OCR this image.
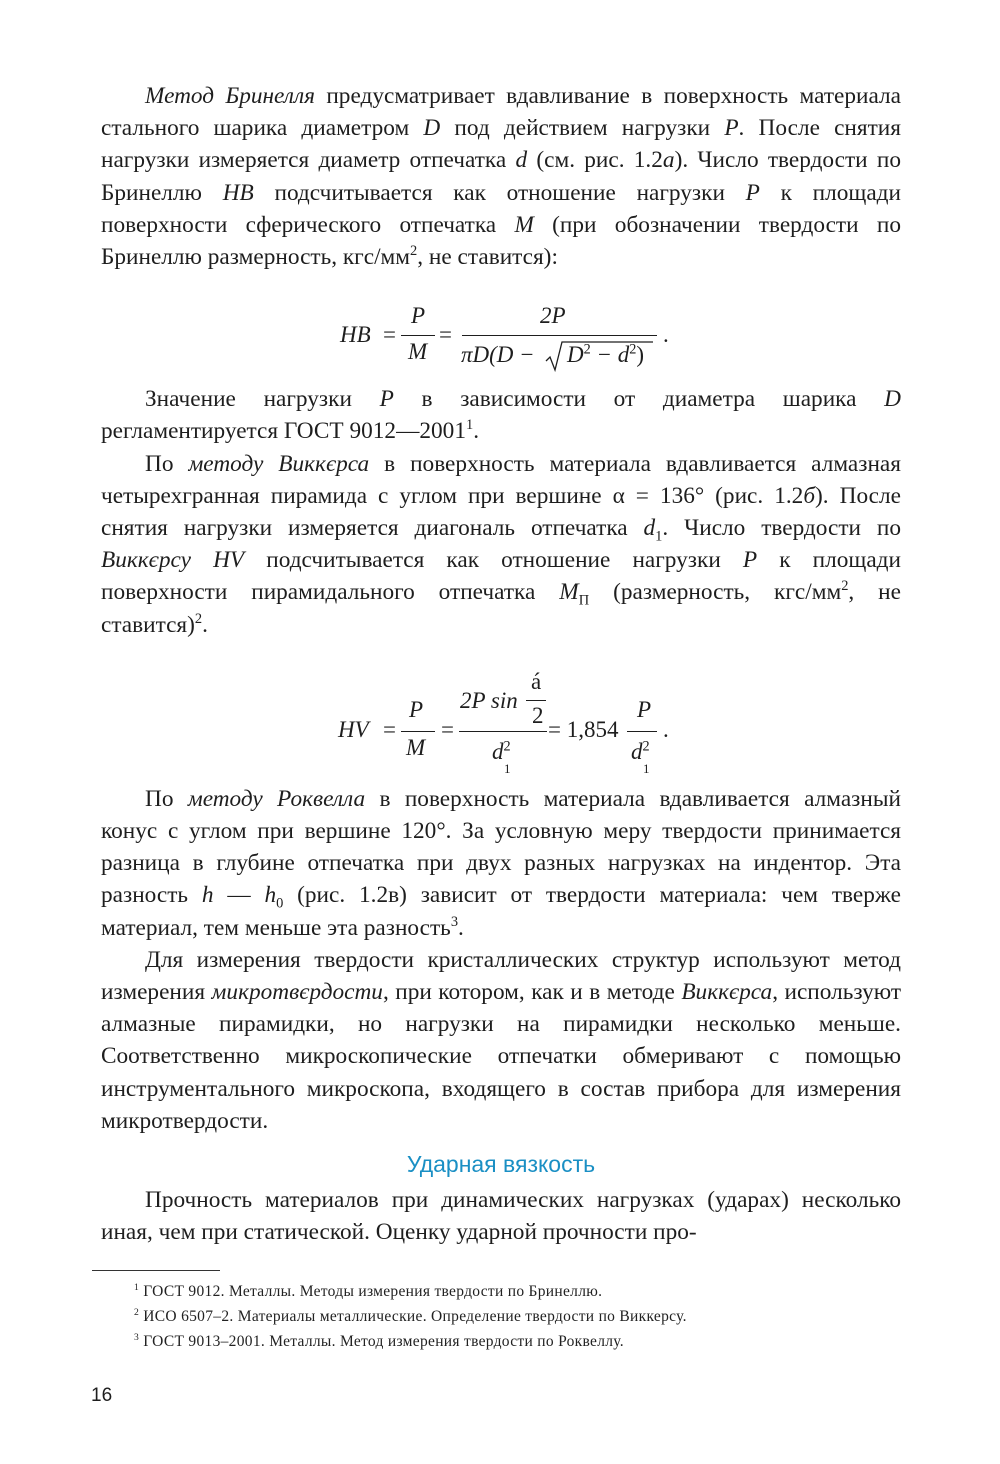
Метод Бринелля предусматривает вдавливание в поверхность материала стального шарика диаметром D под действием нагрузки P. После снятия нагрузки измеряется диаметр отпечатка d (см. рис. 1.2а). Число твердости по Бринеллю HB подсчитывается как отношение нагрузки P к площади поверхности сферического отпечатка M (при обозначении твердости по Бринеллю размерность, кгс/$мм^2$, не ставится):

HB =
P
M
=
2P
$\pi D(D - D^2 - d^2)$
.

Значение нагрузки P в зависимости от диаметра шарика D регламентируется ГОСТ 9012—2001$^1$.

По методу Виккєрса в поверхность материала вдавливается алмазная четырехгранная пирамида с углом при вершине α = 136° (рис. 1.2б). После снятия нагрузки измеряется диагональ отпечатка $d_1$. Число твердости по Виккєрсу HV подсчитывается как отношение нагрузки P к площади поверхности пирамидального отпечатка $M_П$ (размерность, кгс/$мм^2$, не ставится)$^2$.

HV =
P
M
=
2P sin
á
2
$d^2$
1
= 1,854
P
$d^2$
1
.

По методу Роквелла в поверхность материала вдавливается алмазный конус с углом при вершине 120°. За условную меру твердости принимается разница в глубине отпечатка при двух разных нагрузках на индентор. Эта разность h — $h_0$ (рис. 1.2в) зависит от твердости материала: чем тверже материал, тем меньше эта разность$^3$.

Для измерения твердости кристаллических структур используют метод измерения микротвєрдости, при котором, как и в методе Виккєрса, используют алмазные пирамидки, но нагрузки на пирамидки несколько меньше. Соответственно микроскопические отпечатки обмеривают с помощью инструментального микроскопа, входящего в состав прибора для измерения микротвердости.

Ударная вязкость

Прочность материалов при динамических нагрузках (ударах) несколько иная, чем при статической. Оценку ударной прочности про-

$^1$ ГОСТ 9012. Металлы. Методы измерения твердости по Бринеллю.
$^2$ ИСО 6507–2. Материалы металлические. Определение твердости по Виккерсу.
$^3$ ГОСТ 9013–2001. Металлы. Метод измерения твердости по Роквеллу.
16
